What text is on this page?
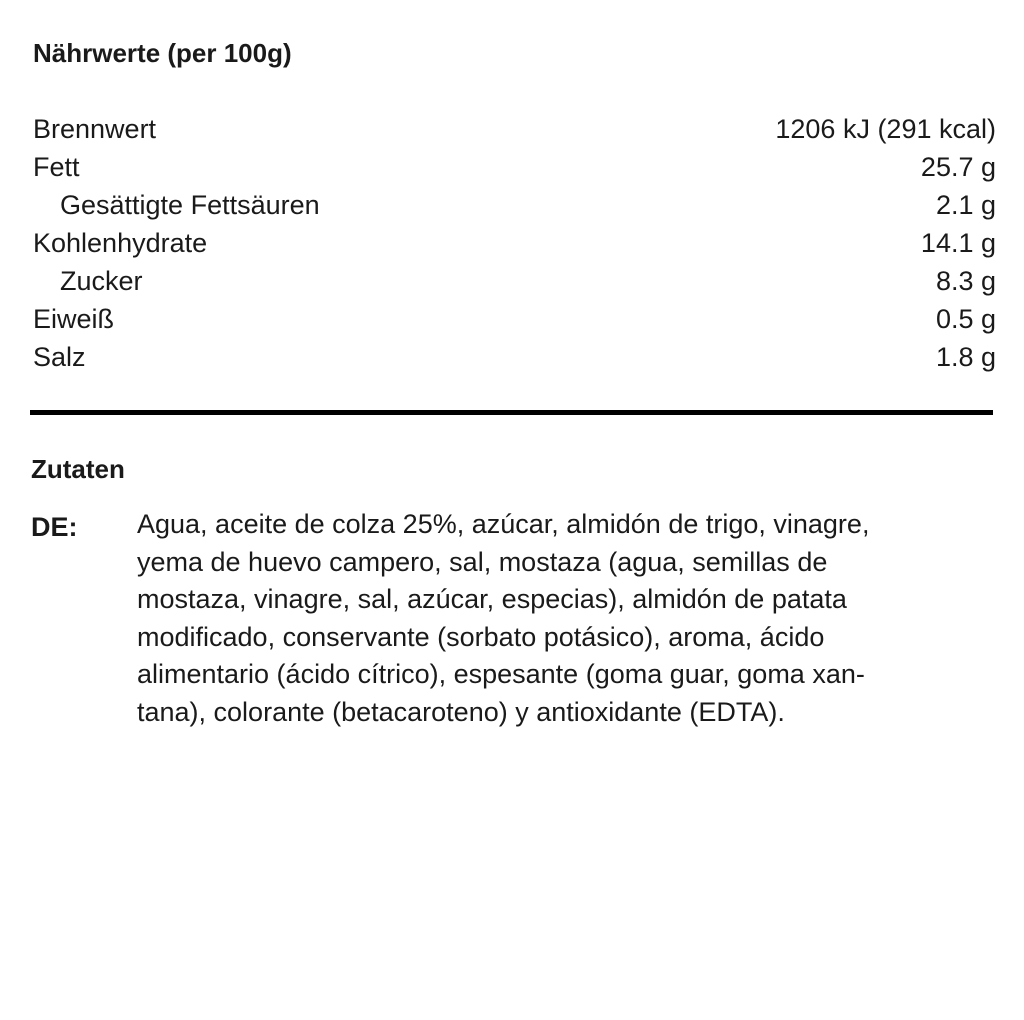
Nährwerte (per 100g)
Brennwert	1206 kJ (291 kcal)
Fett	25.7 g
Gesättigte Fettsäuren	2.1 g
Kohlenhydrate	14.1 g
Zucker	8.3 g
Eiweiß	0.5 g
Salz	1.8 g
Zutaten
DE: Agua, aceite de colza 25%, azúcar, almidón de trigo, vinagre,
yema de huevo campero, sal, mostaza (agua, semillas de
mostaza, vinagre, sal, azúcar, especias), almidón de patata
modificado, conservante (sorbato potásico), aroma, ácido
alimentario (ácido cítrico), espesante (goma guar, goma xan-
tana), colorante (betacaroteno) y antioxidante (EDTA).
